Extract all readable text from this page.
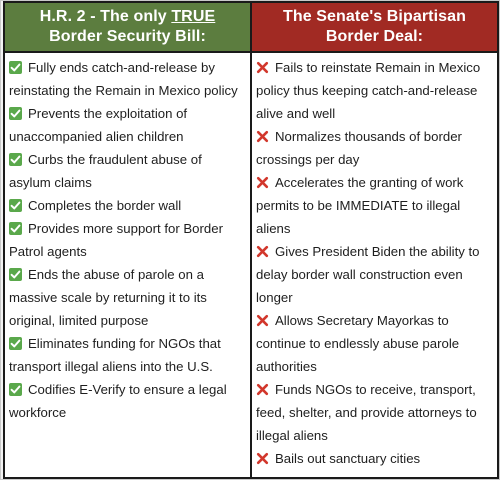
H.R. 2 - The only TRUE Border Security Bill:
Fully ends catch-and-release by reinstating the Remain in Mexico policy
Prevents the exploitation of unaccompanied alien children
Curbs the fraudulent abuse of asylum claims
Completes the border wall
Provides more support for Border Patrol agents
Ends the abuse of parole on a massive scale by returning it to its original, limited purpose
Eliminates funding for NGOs that transport illegal aliens into the U.S.
Codifies E-Verify to ensure a legal workforce
The Senate's Bipartisan Border Deal:
Fails to reinstate Remain in Mexico policy thus keeping catch-and-release alive and well
Normalizes thousands of border crossings per day
Accelerates the granting of work permits to be IMMEDIATE to illegal aliens
Gives President Biden the ability to delay border wall construction even longer
Allows Secretary Mayorkas to continue to endlessly abuse parole authorities
Funds NGOs to receive, transport, feed, shelter, and provide attorneys to illegal aliens
Bails out sanctuary cities
